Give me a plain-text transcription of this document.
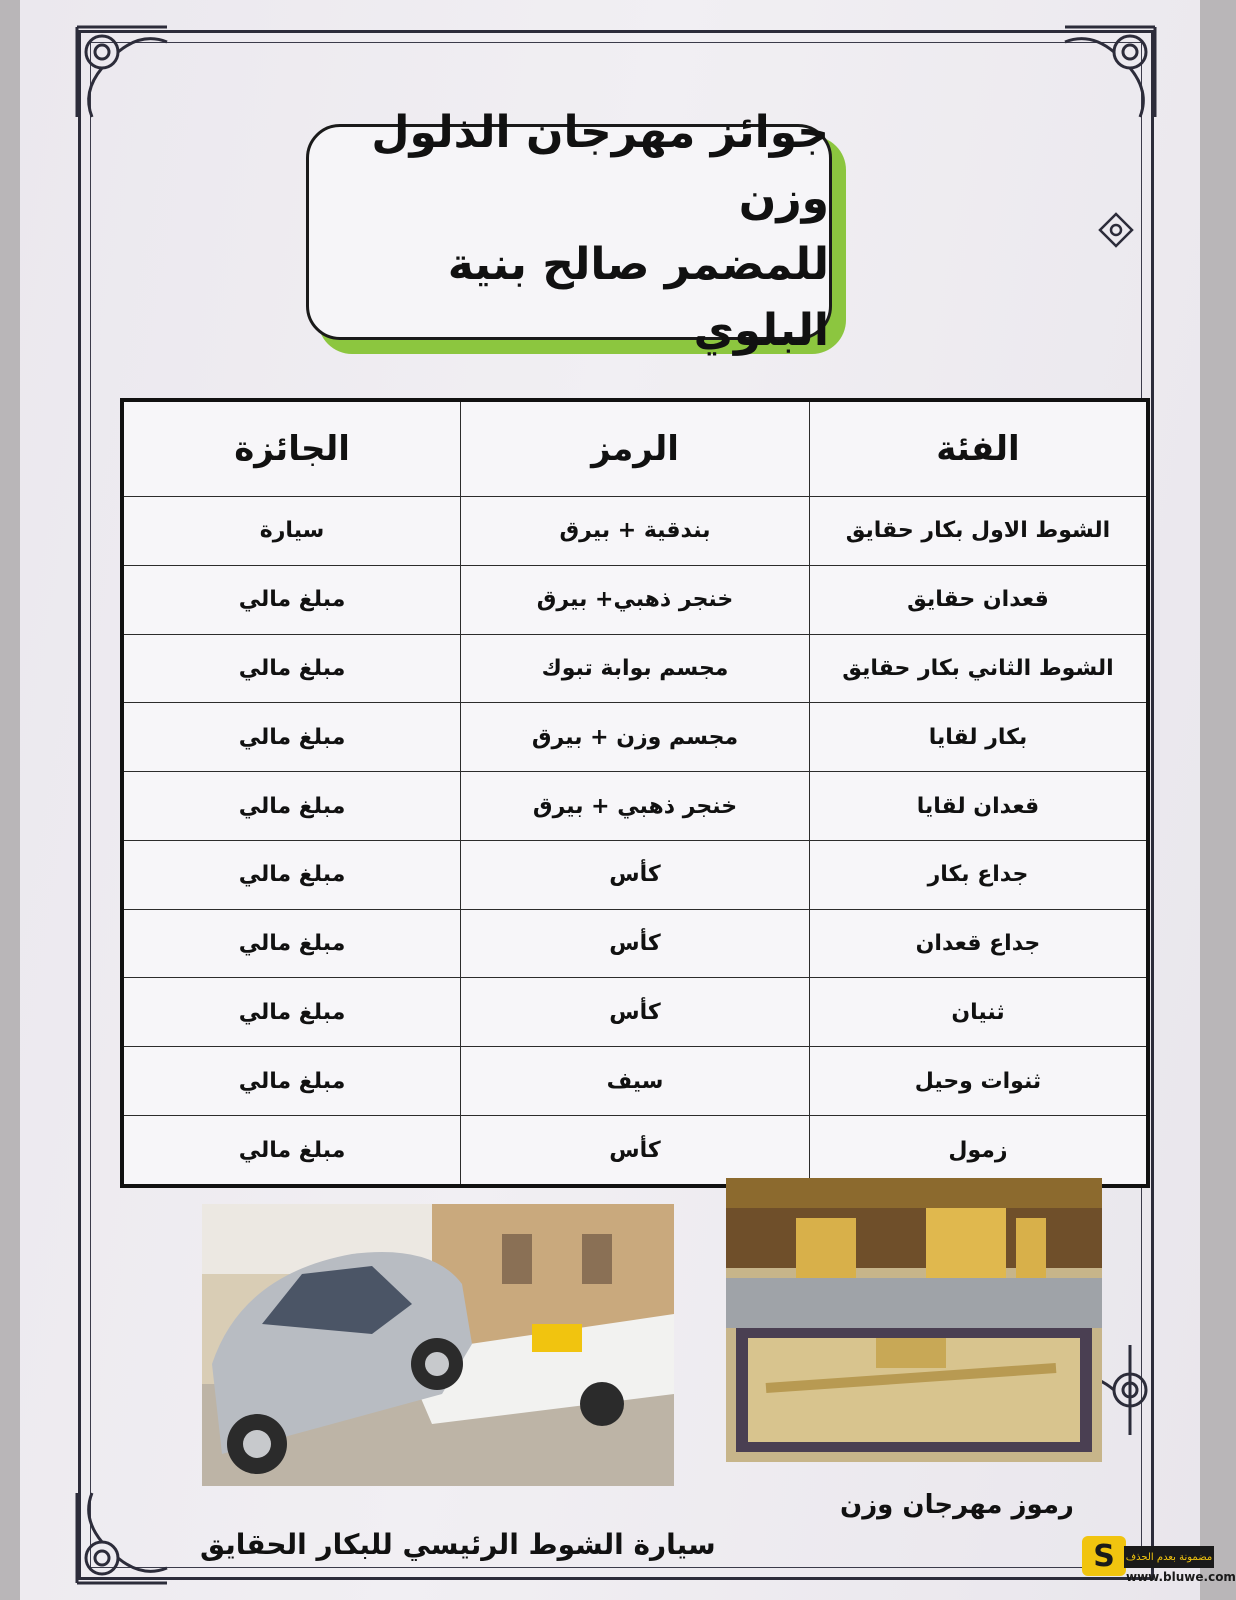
جوائز مهرجان الذلول وزن
للمضمر صالح بنية البلوي
الفئة	الرمز	الجائزة
الشوط الاول بكار حقايق	بندقية + بيرق	سيارة
قعدان حقايق	خنجر ذهبي+ بيرق	مبلغ مالي
الشوط الثاني بكار حقايق	مجسم بوابة تبوك	مبلغ مالي
بكار لقايا	مجسم وزن + بيرق	مبلغ مالي
قعدان لقايا	خنجر ذهبي + بيرق	مبلغ مالي
جداع بكار	كأس	مبلغ مالي
جداع قعدان	كأس	مبلغ مالي
ثنيان	كأس	مبلغ مالي
ثنوات وحيل	سيف	مبلغ مالي
زمول	كأس	مبلغ مالي
سيارة الشوط الرئيسي للبكار الحقايق
رموز مهرجان وزن
S	مضمونة بعدم الحذف
www.bluwe.com
